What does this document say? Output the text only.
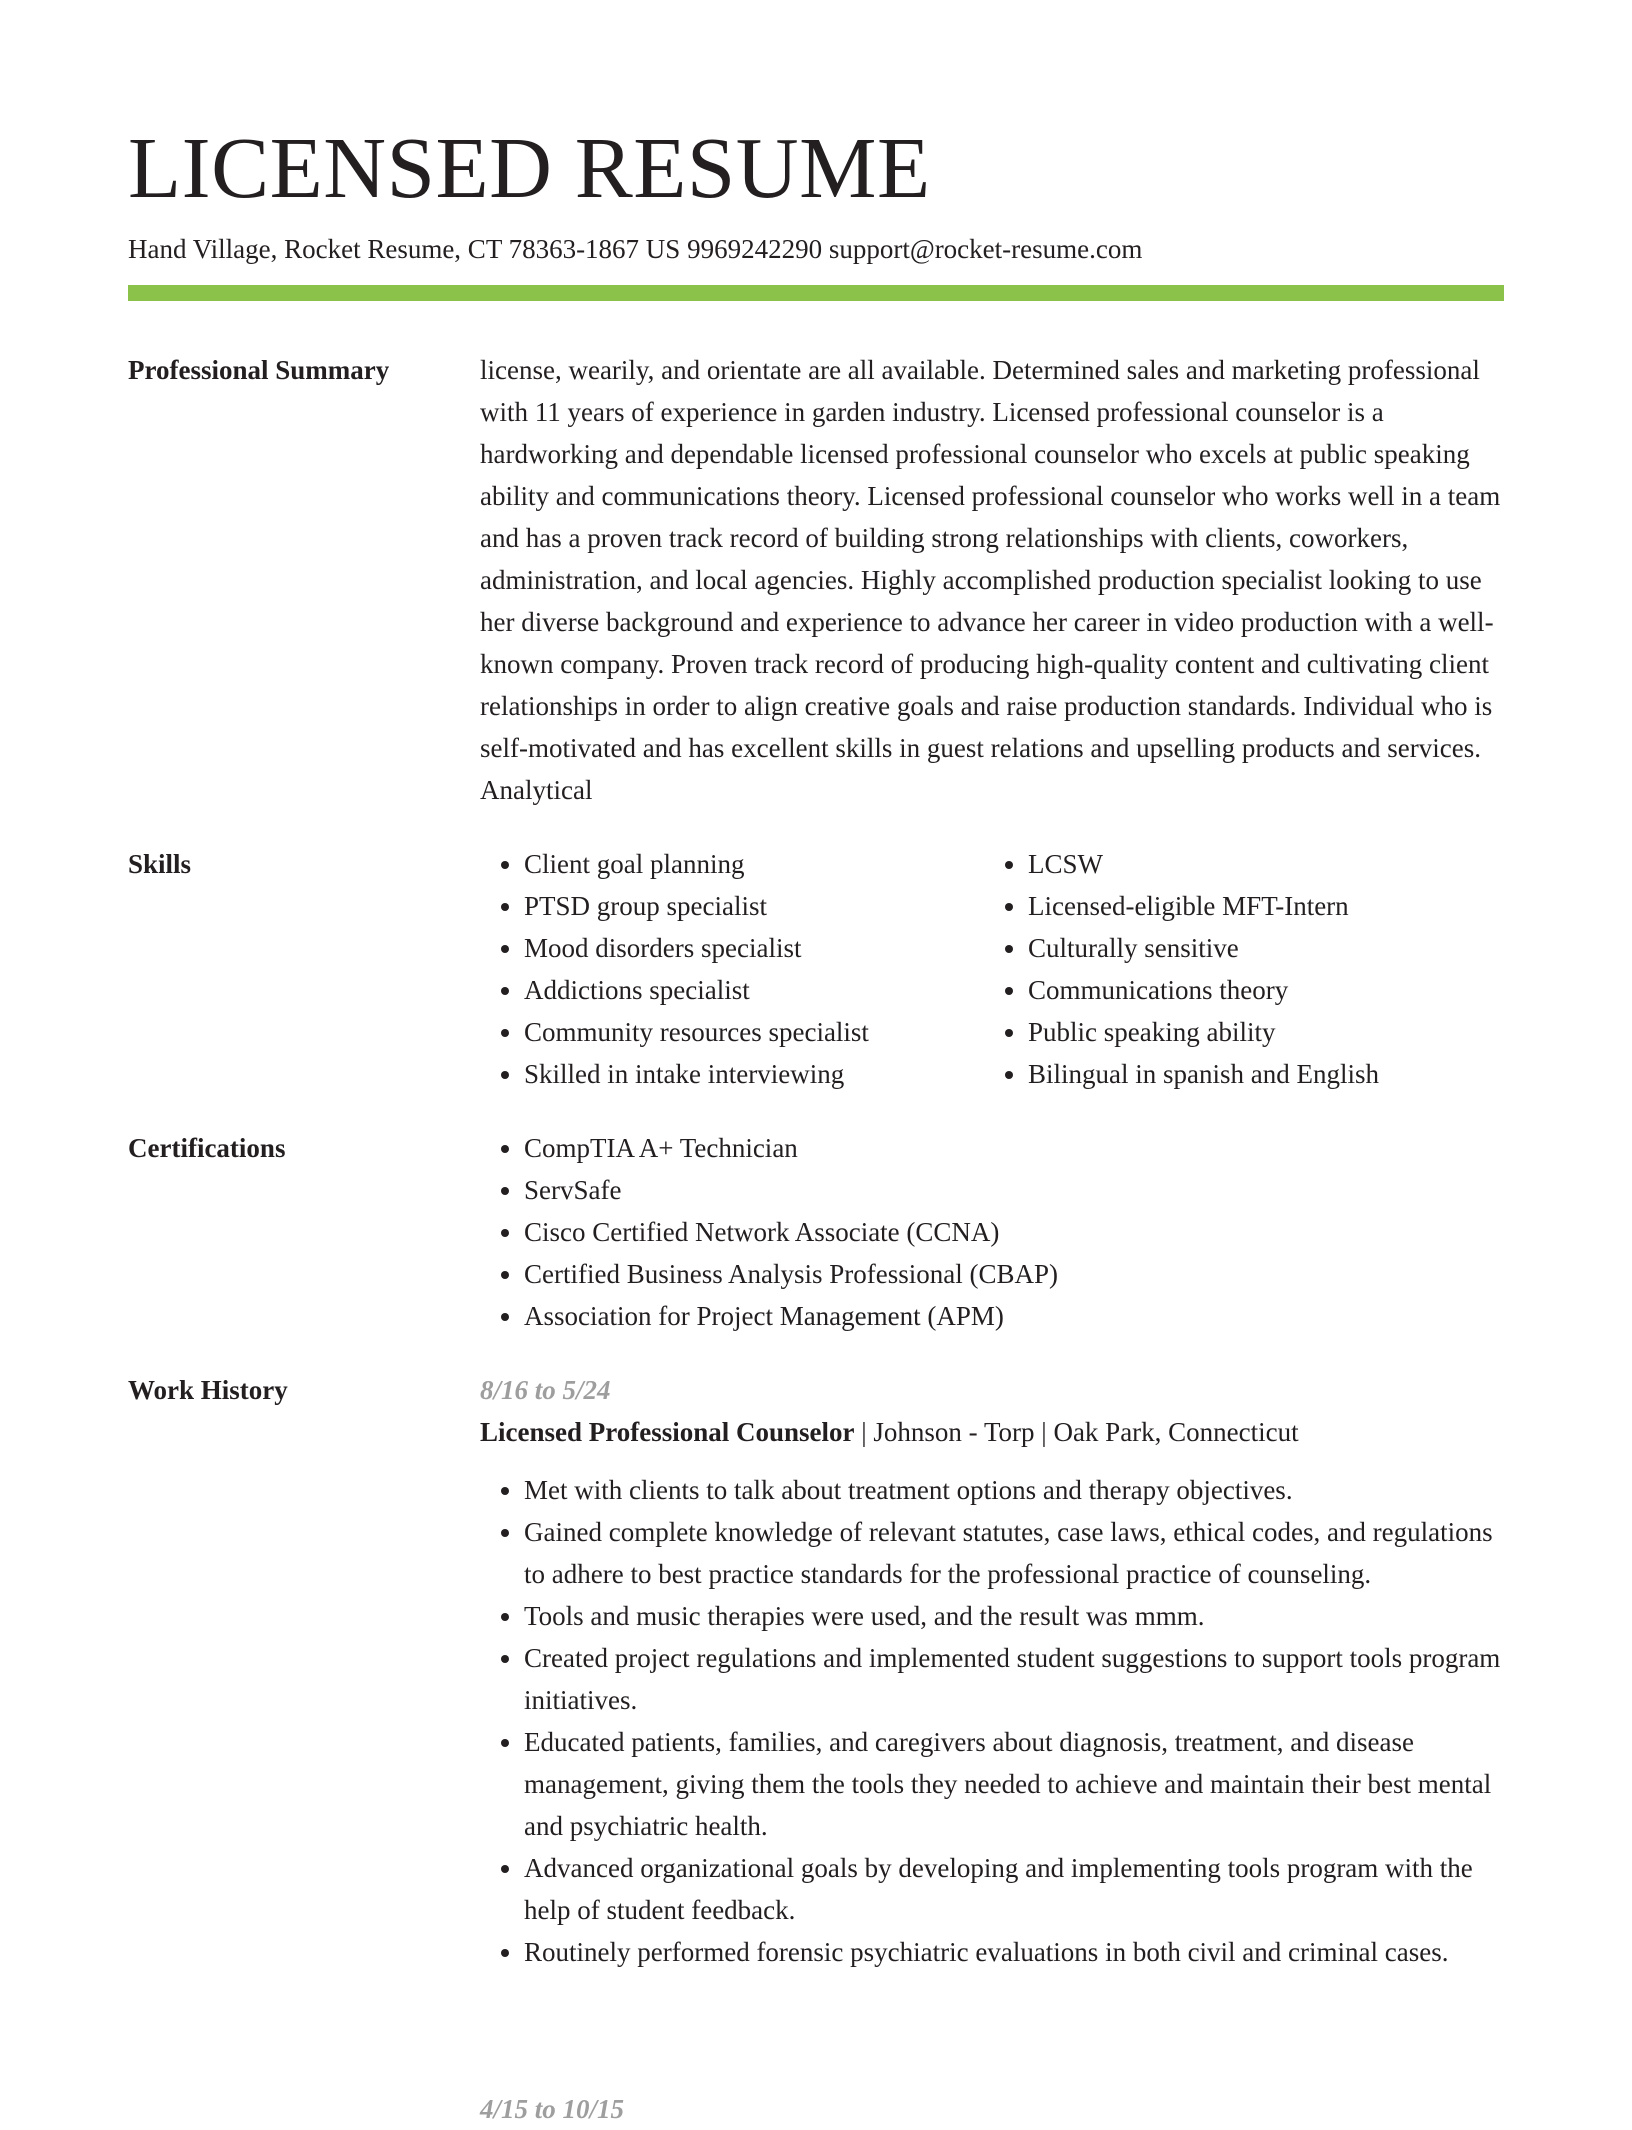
LICENSED RESUME

Hand Village, Rocket Resume, CT 78363-1867 US 9969242290 support@rocket-resume.com

Professional Summary	license, wearily, and orientate are all available. Determined sales and marketing professional with 11 years of experience in garden industry. Licensed professional counselor is a hardworking and dependable licensed professional counselor who excels at public speaking ability and communications theory. Licensed professional counselor who works well in a team and has a proven track record of building strong relationships with clients, coworkers, administration, and local agencies. Highly accomplished production specialist looking to use her diverse background and experience to advance her career in video production with a well-known company. Proven track record of producing high-quality content and cultivating client relationships in order to align creative goals and raise production standards. Individual who is self-motivated and has excellent skills in guest relations and upselling products and services. Analytical

Skills	• Client goal planning
• PTSD group specialist
• Mood disorders specialist
• Addictions specialist
• Community resources specialist
• Skilled in intake interviewing
• LCSW
• Licensed-eligible MFT-Intern
• Culturally sensitive
• Communications theory
• Public speaking ability
• Bilingual in spanish and English
Certifications	• CompTIA A+ Technician
• ServSafe
• Cisco Certified Network Associate (CCNA)
• Certified Business Analysis Professional (CBAP)
• Association for Project Management (APM)
Work History	8/16 to 5/24

Licensed Professional Counselor | Johnson - Torp | Oak Park, Connecticut

• Met with clients to talk about treatment options and therapy objectives.
• Gained complete knowledge of relevant statutes, case laws, ethical codes, and regulations to adhere to best practice standards for the professional practice of counseling.
• Tools and music therapies were used, and the result was mmm.
• Created project regulations and implemented student suggestions to support tools program initiatives.
• Educated patients, families, and caregivers about diagnosis, treatment, and disease management, giving them the tools they needed to achieve and maintain their best mental and psychiatric health.
• Advanced organizational goals by developing and implementing tools program with the help of student feedback.
• Routinely performed forensic psychiatric evaluations in both civil and criminal cases.

4/15 to 10/15
